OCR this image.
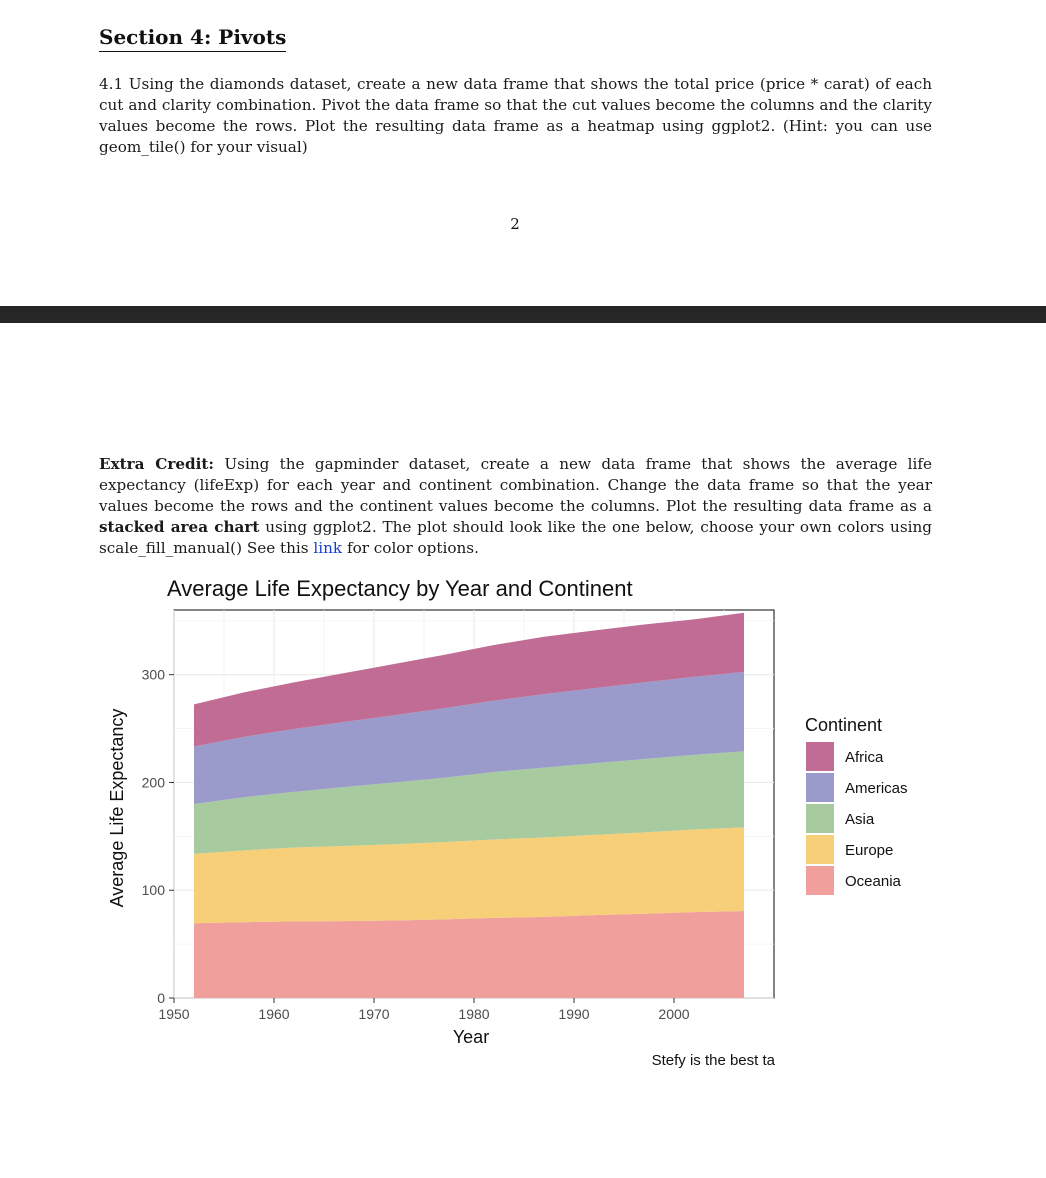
Section 4: Pivots

4.1 Using the diamonds dataset, create a new data frame that shows the total price (price * carat) of each cut and clarity combination. Pivot the data frame so that the cut values become the columns and the clarity values become the rows. Plot the resulting data frame as a heatmap using ggplot2. (Hint: you can use geom_tile() for your visual)

2

Extra Credit: Using the gapminder dataset, create a new data frame that shows the average life expectancy (lifeExp) for each year and continent combination. Change the data frame so that the year values become the rows and the continent values become the columns. Plot the resulting data frame as a stacked area chart using ggplot2. The plot should look like the one below, choose your own colors using scale_fill_manual() See this link for color options.

Average Life Expectancy by Year and Continent
1950	1960	1970	1980	1990	2000
0
100
200
300
Year
Average Life Expectancy	Continent
Africa
Americas
Asia
Europe
Oceania

Stefy is the best ta
